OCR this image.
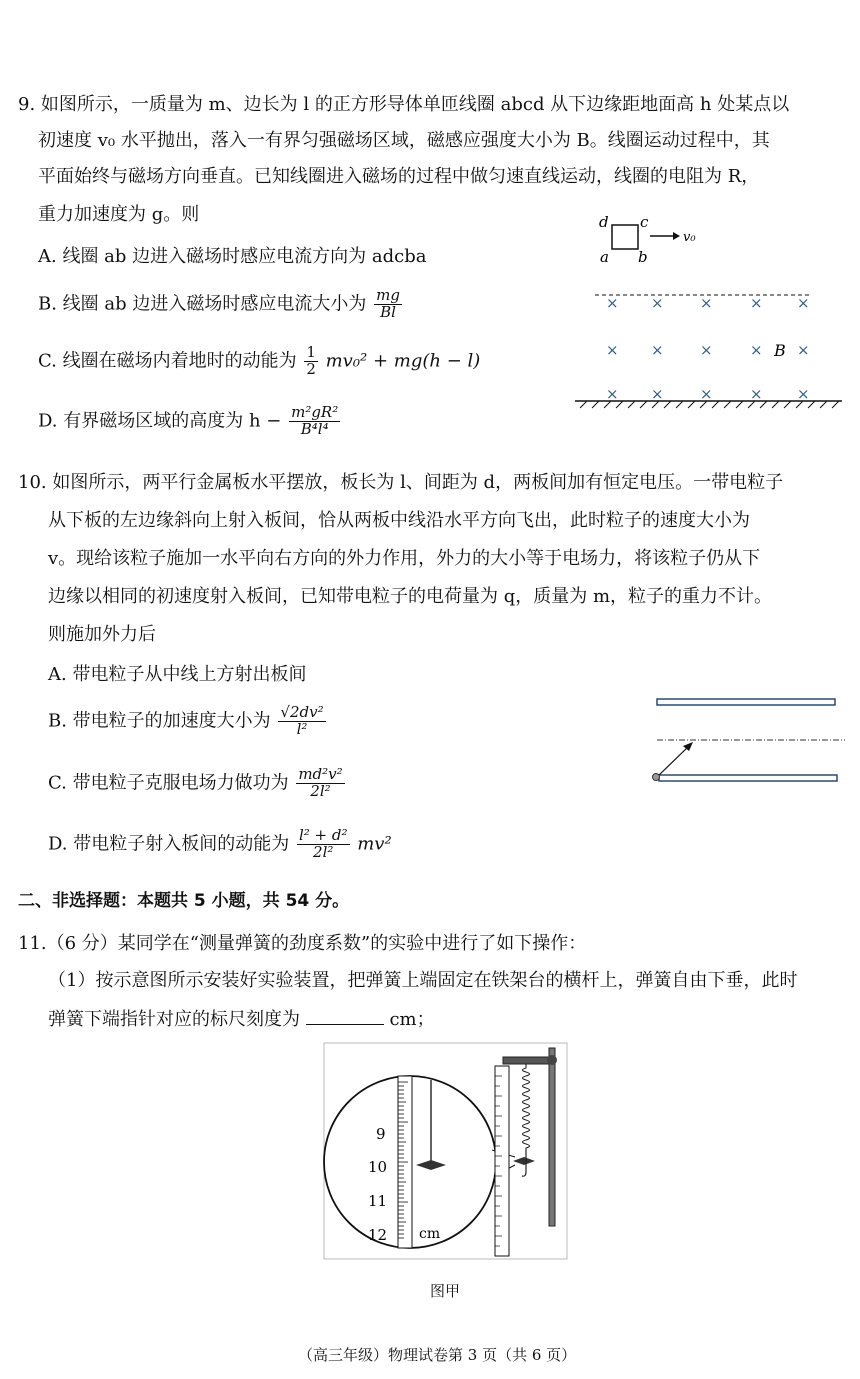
9. 如图所示，一质量为 m、边长为 l 的正方形导体单匝线圈 abcd 从下边缘距地面高 h 处某点以
初速度 v₀ 水平抛出，落入一有界匀强磁场区域，磁感应强度大小为 B。线圈运动过程中，其
平面始终与磁场方向垂直。已知线圈进入磁场的过程中做匀速直线运动，线圈的电阻为 R，
重力加速度为 g。则
A. 线圈 ab 边进入磁场时感应电流方向为 adcba
B. 线圈 ab 边进入磁场时感应电流大小为 $\frac{mg}{Bl}$
C. 线圈在磁场内着地时的动能为 $\frac{1}{2} mv_0^2 + mg(h - l)$
D. 有界磁场区域的高度为 $h - \frac{\text{m²gR²}}{\text{B⁴l⁴}}$
d c
a b
v₀
× × × × ×
× × × × ×
× × × × ×
B
10. 如图所示，两平行金属板水平摆放，板长为 l、间距为 d，两板间加有恒定电压。一带电粒子
从下板的左边缘斜向上射入板间，恰从两板中线沿水平方向飞出，此时粒子的速度大小为
v。现给该粒子施加一水平向右方向的外力作用，外力的大小等于电场力，将该粒子仍从下
边缘以相同的初速度射入板间，已知带电粒子的电荷量为 q，质量为 m，粒子的重力不计。
则施加外力后
A. 带电粒子从中线上方射出板间
B. 带电粒子的加速度大小为 $\frac{\text{√2dv²}}{\text{l²}}$
C. 带电粒子克服电场力做功为 $\frac{\text{md²v²}}{\text{2l²}}$
D. 带电粒子射入板间的动能为 $\frac{\text{l² + d²}}{\text{2l²}} mv^2$
二、非选择题：本题共 5 小题，共 54 分。
11.（6 分）某同学在“测量弹簧的劲度系数”的实验中进行了如下操作：
（1）按示意图所示安装好实验装置，把弹簧上端固定在铁架台的横杆上，弹簧自由下垂，此时
弹簧下端指针对应的标尺刻度为	cm；
9
10
11
12 cm
图甲
（高三年级）物理试卷第 3 页（共 6 页）
